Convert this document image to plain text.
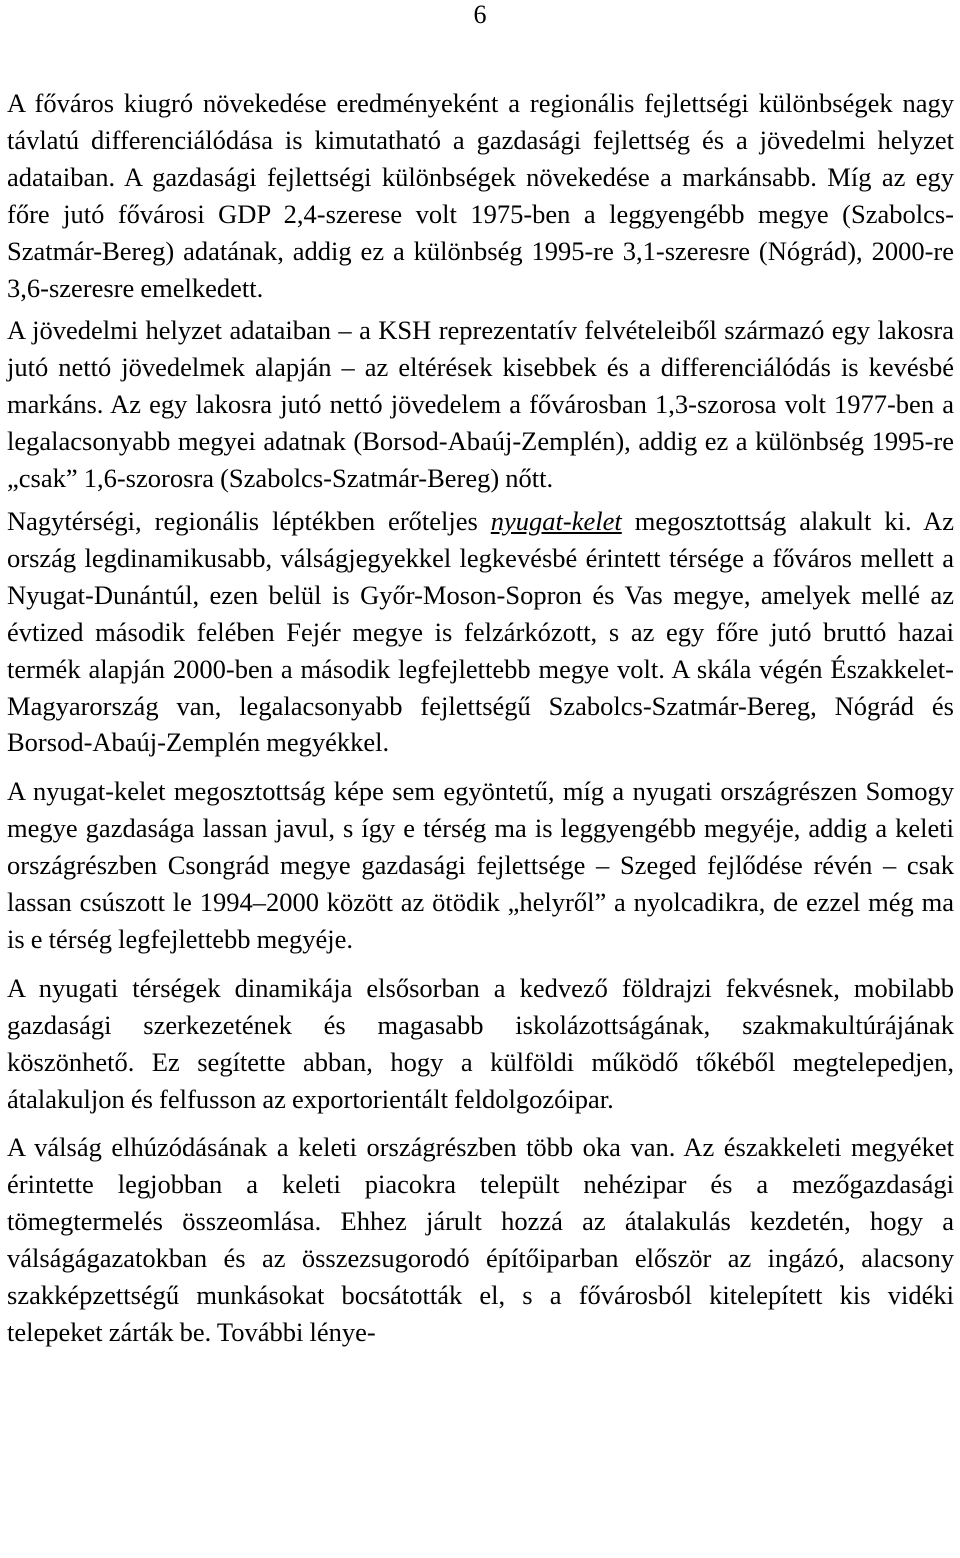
6

A főváros kiugró növekedése eredményeként a regionális fejlettségi különbségek nagy távlatú differenciálódása is kimutatható a gazdasági fejlettség és a jövedelmi helyzet adataiban. A gazdasági fejlettségi különbségek növekedése a markánsabb. Míg az egy főre jutó fővárosi GDP 2,4-szerese volt 1975-ben a leggyengébb megye (Szabolcs-Szatmár-Bereg) adatának, addig ez a különbség 1995-re 3,1-szeresre (Nógrád), 2000-re 3,6-szeresre emelkedett.

A jövedelmi helyzet adataiban – a KSH reprezentatív felvételeiből származó egy lakosra jutó nettó jövedelmek alapján – az eltérések kisebbek és a differenciálódás is kevésbé markáns. Az egy lakosra jutó nettó jövedelem a fővárosban 1,3-szorosa volt 1977-ben a legalacsonyabb megyei adatnak (Borsod-Abaúj-Zemplén), addig ez a különbség 1995-re „csak” 1,6-szorosra (Szabolcs-Szatmár-Bereg) nőtt.

Nagytérségi, regionális léptékben erőteljes nyugat-kelet megosztottság alakult ki. Az ország legdinamikusabb, válságjegyekkel legkevésbé érintett térsége a főváros mellett a Nyugat-Dunántúl, ezen belül is Győr-Moson-Sopron és Vas megye, amelyek mellé az évtized második felében Fejér megye is felzárkózott, s az egy főre jutó bruttó hazai termék alapján 2000-ben a második legfejlettebb megye volt. A skála végén Északkelet-Magyarország van, legalacsonyabb fejlettségű Szabolcs-Szatmár-Bereg, Nógrád és Borsod-Abaúj-Zemplén megyékkel.

A nyugat-kelet megosztottság képe sem egyöntetű, míg a nyugati országrészen Somogy megye gazdasága lassan javul, s így e térség ma is leggyengébb megyéje, addig a keleti országrészben Csongrád megye gazdasági fejlettsége – Szeged fejlődése révén – csak lassan csúszott le 1994–2000 között az ötödik „helyről” a nyolcadikra, de ezzel még ma is e térség legfejlettebb megyéje.

A nyugati térségek dinamikája elsősorban a kedvező földrajzi fekvésnek, mobilabb gazdasági szerkezetének és magasabb iskolázottságának, szakmakultúrájának köszönhető. Ez segítette abban, hogy a külföldi működő tőkéből megtelepedjen, átalakuljon és felfusson az exportorientált feldolgozóipar.

A válság elhúzódásának a keleti országrészben több oka van. Az északkeleti megyéket érintette legjobban a keleti piacokra települt nehézipar és a mezőgazdasági tömegtermelés összeomlása. Ehhez járult hozzá az átalakulás kezdetén, hogy a válságágazatokban és az összezsugorodó építőiparban először az ingázó, alacsony szakképzettségű munkásokat bocsátották el, s a fővárosból kitelepített kis vidéki telepeket zárták be. További lénye-
